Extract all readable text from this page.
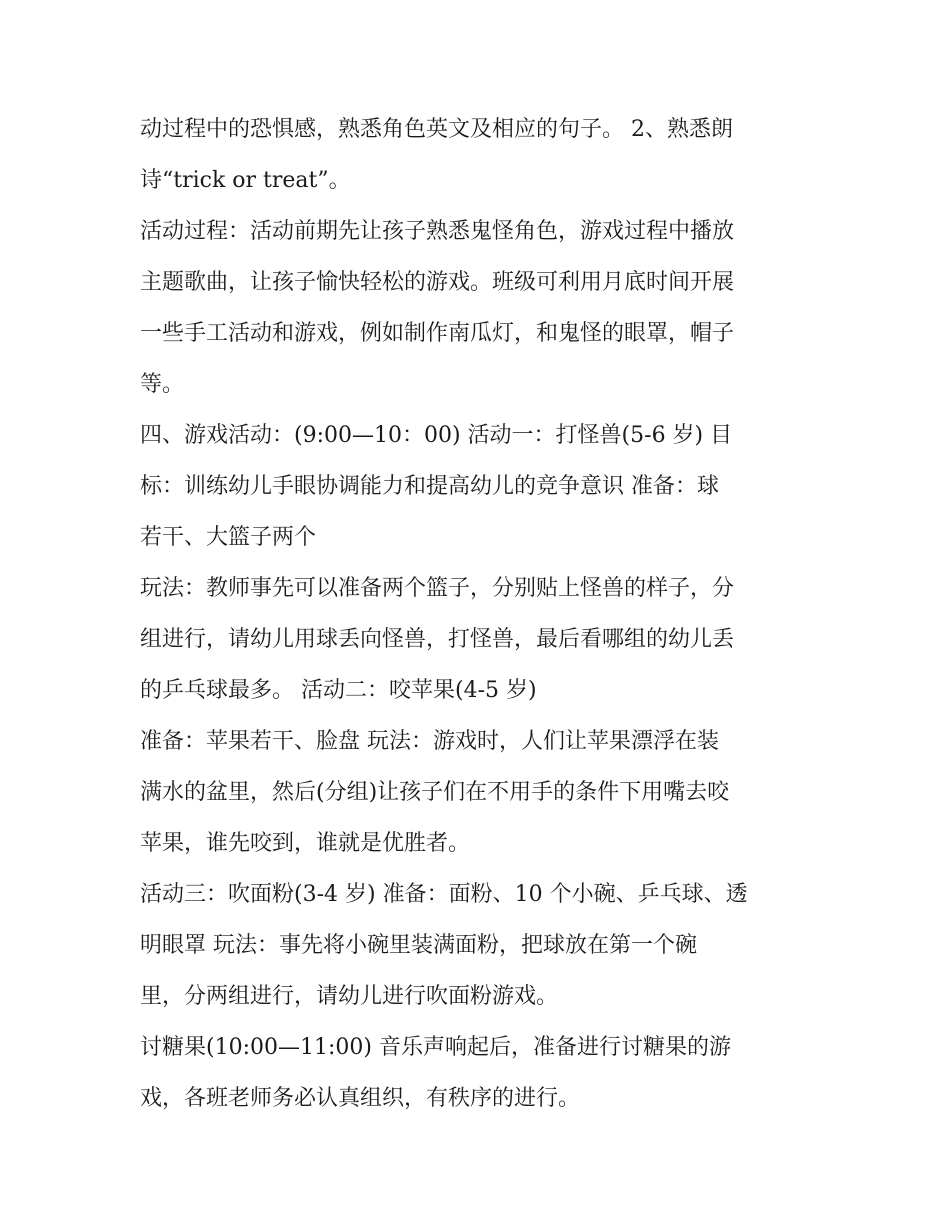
动过程中的恐惧感，熟悉角色英文及相应的句子。 2、熟悉朗
诗“trick or treat”。
活动过程：活动前期先让孩子熟悉鬼怪角色，游戏过程中播放
主题歌曲，让孩子愉快轻松的游戏。班级可利用月底时间开展
一些手工活动和游戏，例如制作南瓜灯，和鬼怪的眼罩，帽子
等。
四、游戏活动：(9:00—10：00) 活动一：打怪兽(5-6 岁) 目
标：训练幼儿手眼协调能力和提高幼儿的竞争意识 准备：球
若干、大篮子两个
玩法：教师事先可以准备两个篮子，分别贴上怪兽的样子，分
组进行，请幼儿用球丢向怪兽，打怪兽，最后看哪组的幼儿丢
的乒乓球最多。 活动二：咬苹果(4-5 岁)
准备：苹果若干、脸盘 玩法：游戏时，人们让苹果漂浮在装
满水的盆里，然后(分组)让孩子们在不用手的条件下用嘴去咬
苹果，谁先咬到，谁就是优胜者。
活动三：吹面粉(3-4 岁) 准备：面粉、10 个小碗、乒乓球、透
明眼罩 玩法：事先将小碗里装满面粉，把球放在第一个碗
里，分两组进行，请幼儿进行吹面粉游戏。
讨糖果(10:00—11:00) 音乐声响起后，准备进行讨糖果的游
戏，各班老师务必认真组织，有秩序的进行。
